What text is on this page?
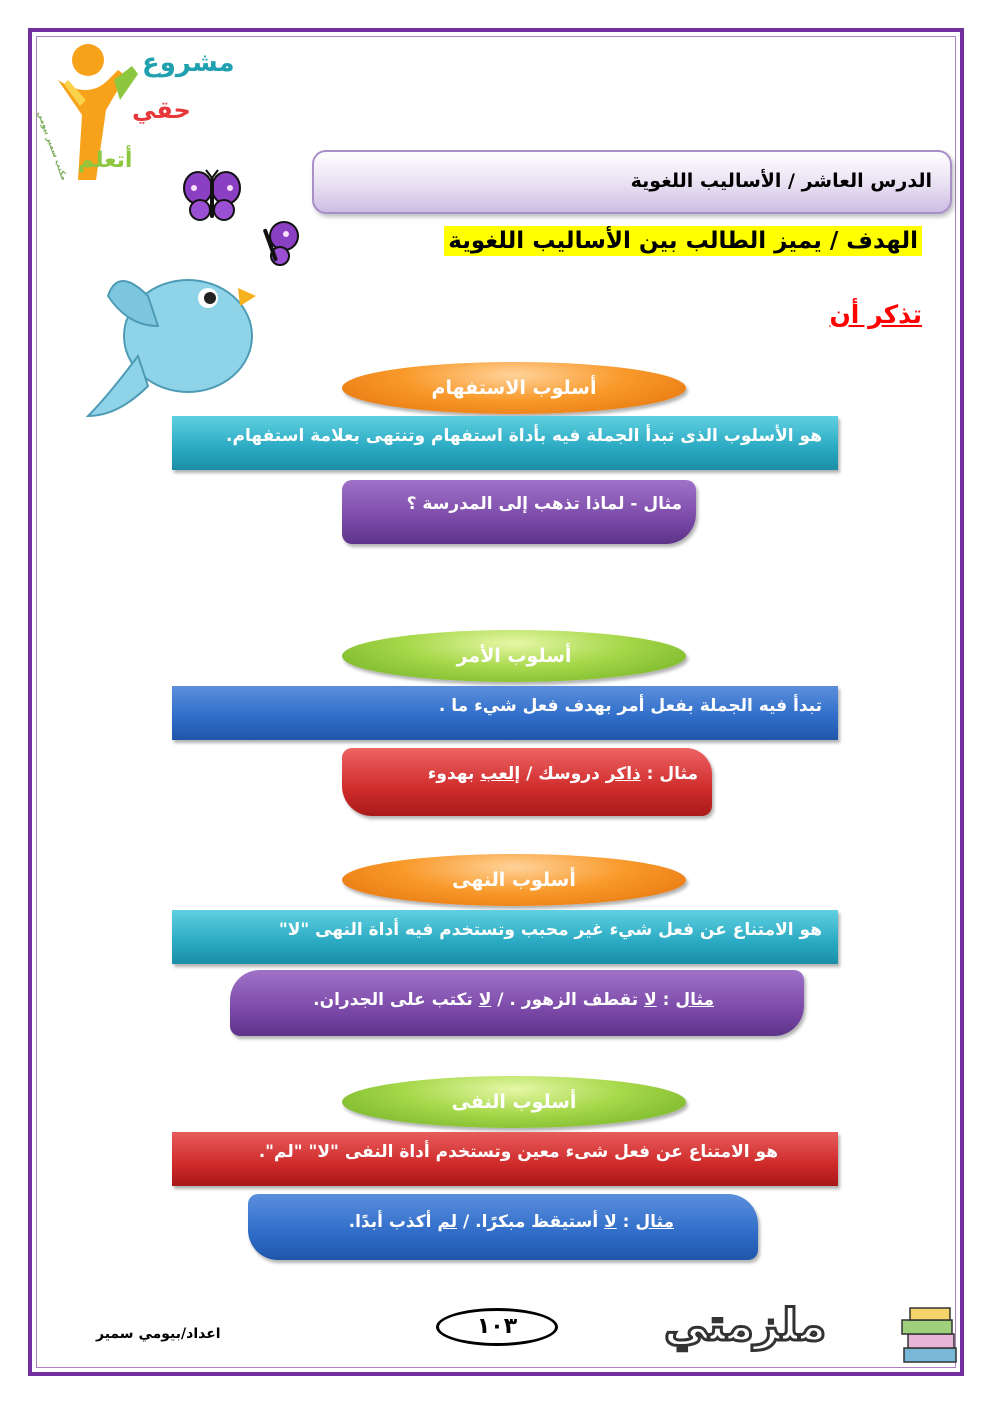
مشروع
حقي
أتعلم
مكتب سمير بيومي	الدرس العاشر / الأساليب اللغوية
الهدف / يميز الطالب بين الأساليب اللغوية
تذكر أن
أسلوب الاستفهام
هو الأسلوب الذى تبدأ الجملة فيه بأداة استفهام وتنتهى بعلامة استفهام.
مثال - لماذا تذهب إلى المدرسة ؟
أسلوب الأمر
تبدأ فيه الجملة بفعل أمر بهدف فعل شيء ما .
مثال : ذاكر دروسك / إلعب بهدوء
أسلوب النهى
هو الامتناع عن فعل شيء غير محبب وتستخدم فيه أداة النهى "لا"
مثال : لا تقطف الزهور . / لا تكتب على الجدران.
أسلوب النفى
هو الامتناع عن فعل شىء معين وتستخدم أداة النفى "لا" "لم".
مثال : لا أستيقظ مبكرًا. / لم أكذب أبدًا.
اعداد/بيومي سمير	١٠٣	ملزمتي
